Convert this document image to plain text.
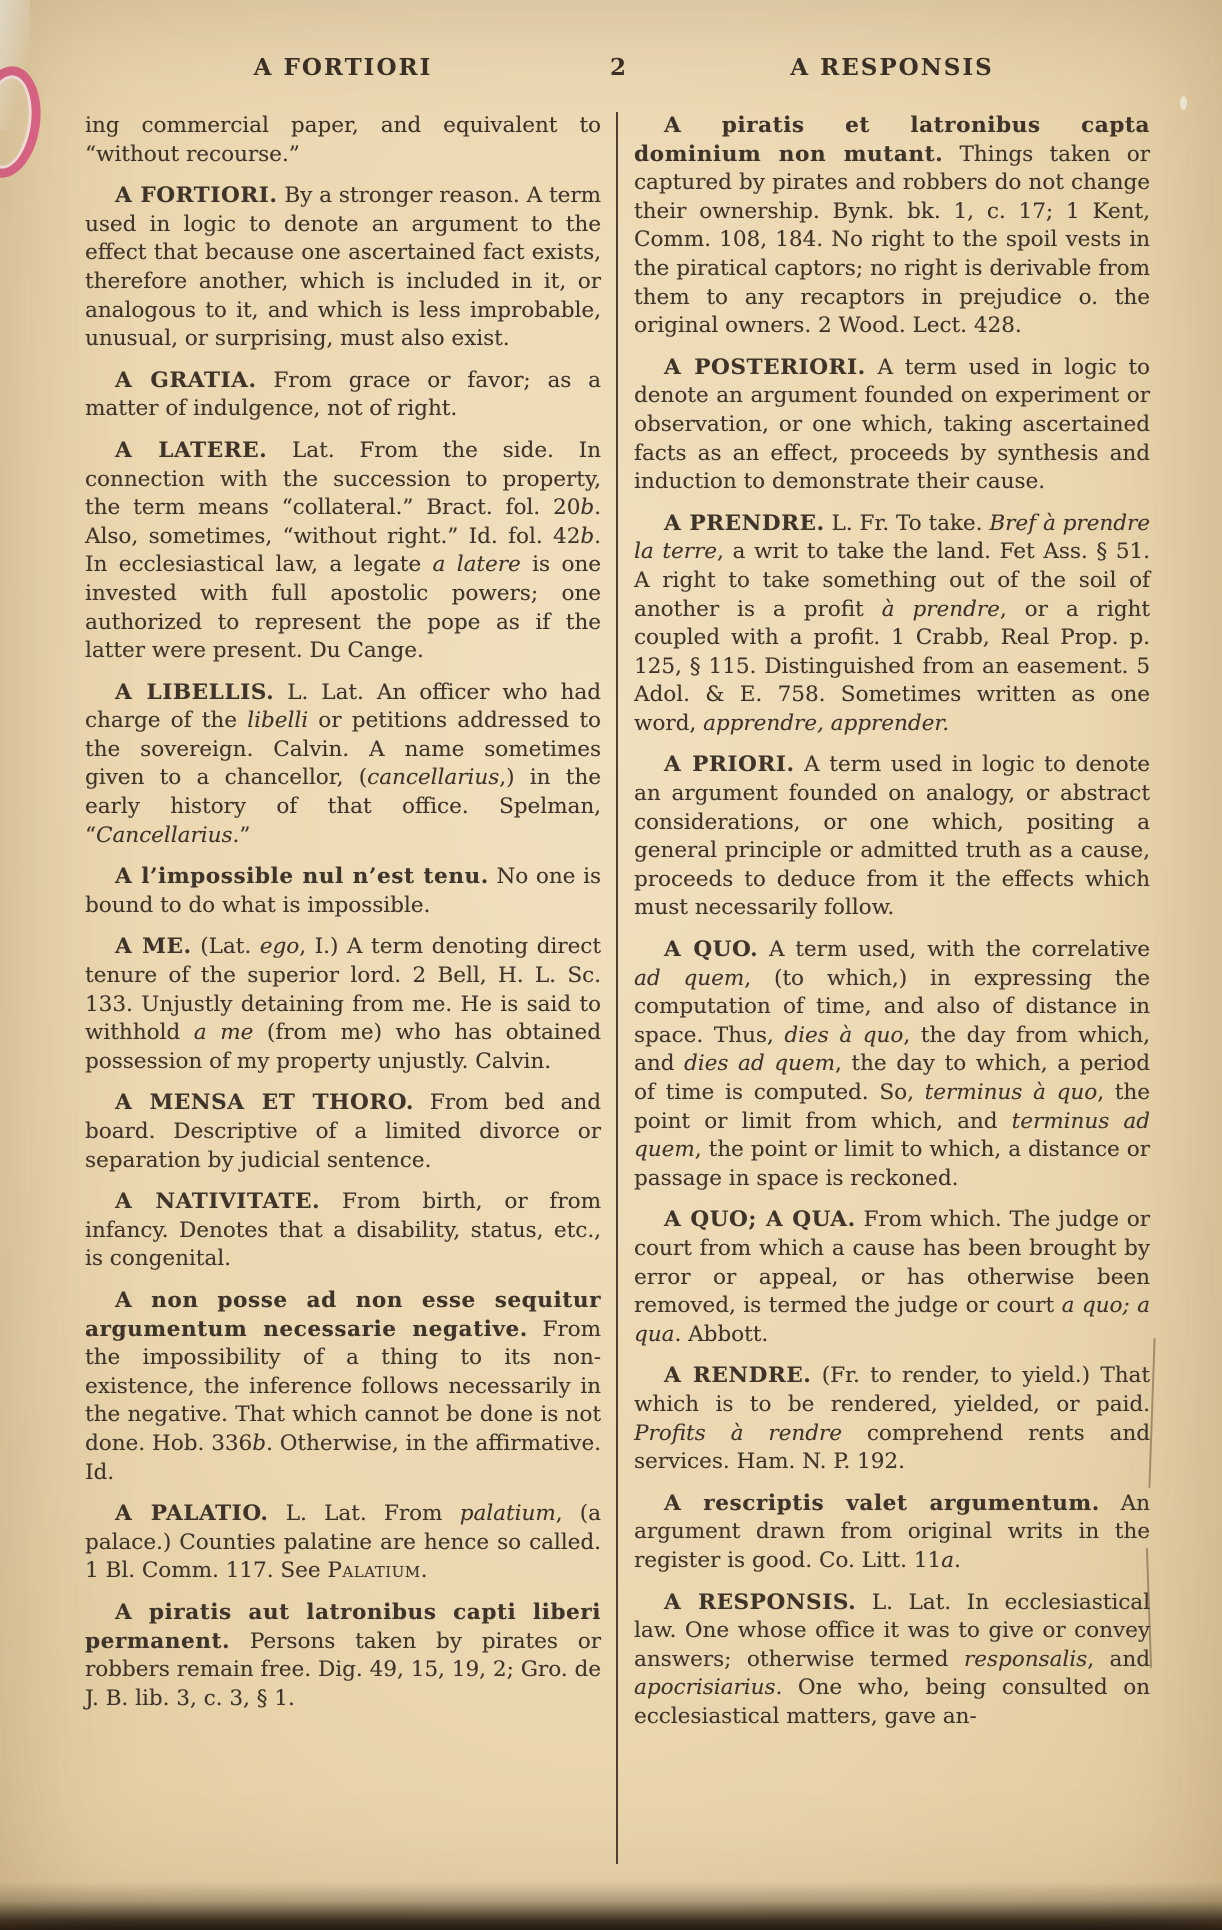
A FORTIORI	2	A RESPONSIS

ing commercial paper, and equivalent to “without recourse.”

A FORTIORI. By a stronger reason. A term used in logic to denote an argument to the effect that because one ascertained fact exists, therefore another, which is included in it, or analogous to it, and which is less improbable, unusual, or surprising, must also exist.

A GRATIA. From grace or favor; as a matter of indulgence, not of right.

A LATERE. Lat. From the side. In connection with the succession to property, the term means “collateral.” Bract. fol. 20b. Also, sometimes, “without right.” Id. fol. 42b. In ecclesiastical law, a legate a latere is one invested with full apostolic powers; one authorized to represent the pope as if the latter were present. Du Cange.

A LIBELLIS. L. Lat. An officer who had charge of the libelli or petitions addressed to the sovereign. Calvin. A name sometimes given to a chancellor, (cancellarius,) in the early history of that office. Spelman, “Cancellarius.”

A l’impossible nul n’est tenu. No one is bound to do what is impossible.

A ME. (Lat. ego, I.) A term denoting direct tenure of the superior lord. 2 Bell, H. L. Sc. 133. Unjustly detaining from me. He is said to withhold a me (from me) who has obtained possession of my property unjustly. Calvin.

A MENSA ET THORO. From bed and board. Descriptive of a limited divorce or separation by judicial sentence.

A NATIVITATE. From birth, or from infancy. Denotes that a disability, status, etc., is congenital.

A non posse ad non esse sequitur argumentum necessarie negative. From the impossibility of a thing to its non-existence, the inference follows necessarily in the negative. That which cannot be done is not done. Hob. 336b. Otherwise, in the affirmative. Id.

A PALATIO. L. Lat. From palatium, (a palace.) Counties palatine are hence so called. 1 Bl. Comm. 117. See Palatium.

A piratis aut latronibus capti liberi permanent. Persons taken by pirates or robbers remain free. Dig. 49, 15, 19, 2; Gro. de J. B. lib. 3, c. 3, § 1.

A piratis et latronibus capta dominium non mutant. Things taken or captured by pirates and robbers do not change their ownership. Bynk. bk. 1, c. 17; 1 Kent, Comm. 108, 184. No right to the spoil vests in the piratical captors; no right is derivable from them to any recaptors in prejudice o. the original owners. 2 Wood. Lect. 428.

A POSTERIORI. A term used in logic to denote an argument founded on experiment or observation, or one which, taking ascertained facts as an effect, proceeds by synthesis and induction to demonstrate their cause.

A PRENDRE. L. Fr. To take. Bref à prendre la terre, a writ to take the land. Fet Ass. § 51. A right to take something out of the soil of another is a profit à prendre, or a right coupled with a profit. 1 Crabb, Real Prop. p. 125, § 115. Distinguished from an easement. 5 Adol. & E. 758. Sometimes written as one word, apprendre, apprender.

A PRIORI. A term used in logic to denote an argument founded on analogy, or abstract considerations, or one which, positing a general principle or admitted truth as a cause, proceeds to deduce from it the effects which must necessarily follow.

A QUO. A term used, with the correlative ad quem, (to which,) in expressing the computation of time, and also of distance in space. Thus, dies à quo, the day from which, and dies ad quem, the day to which, a period of time is computed. So, terminus à quo, the point or limit from which, and terminus ad quem, the point or limit to which, a distance or passage in space is reckoned.

A QUO; A QUA. From which. The judge or court from which a cause has been brought by error or appeal, or has otherwise been removed, is termed the judge or court a quo; a qua. Abbott.

A RENDRE. (Fr. to render, to yield.) That which is to be rendered, yielded, or paid. Profits à rendre comprehend rents and services. Ham. N. P. 192.

A rescriptis valet argumentum. An argument drawn from original writs in the register is good. Co. Litt. 11a.

A RESPONSIS. L. Lat. In ecclesiastical law. One whose office it was to give or convey answers; otherwise termed responsalis, and apocrisiarius. One who, being consulted on ecclesiastical matters, gave an-
